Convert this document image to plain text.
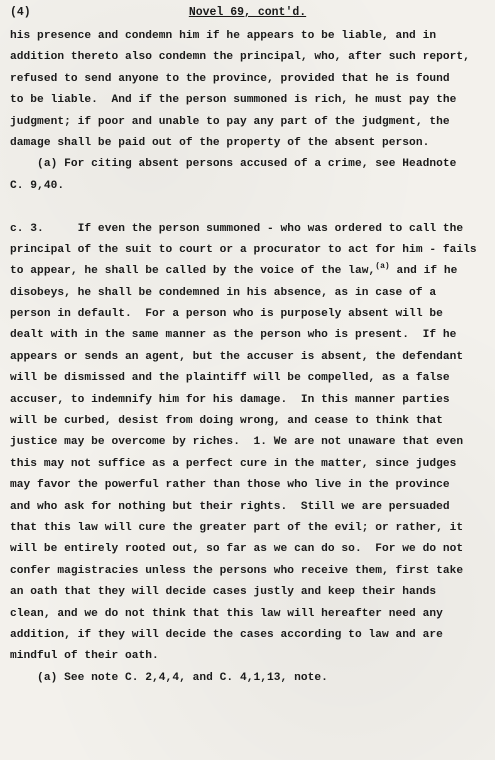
(4)	Novel 69, cont'd.
his presence and condemn him if he appears to be liable, and in
addition thereto also condemn the principal, who, after such report,
refused to send anyone to the province, provided that he is found
to be liable.  And if the person summoned is rich, he must pay the
judgment; if poor and unable to pay any part of the judgment, the
damage shall be paid out of the property of the absent person.
(a) For citing absent persons accused of a crime, see Headnote
C. 9,40.
c. 3.     If even the person summoned - who was ordered to call the
principal of the suit to court or a procurator to act for him - fails
to appear, he shall be called by the voice of the law,$^{(a)}$ and if he
disobeys, he shall be condemned in his absence, as in case of a
person in default.  For a person who is purposely absent will be
dealt with in the same manner as the person who is present.  If he
appears or sends an agent, but the accuser is absent, the defendant
will be dismissed and the plaintiff will be compelled, as a false
accuser, to indemnify him for his damage.  In this manner parties
will be curbed, desist from doing wrong, and cease to think that
justice may be overcome by riches.  1. We are not unaware that even
this may not suffice as a perfect cure in the matter, since judges
may favor the powerful rather than those who live in the province
and who ask for nothing but their rights.  Still we are persuaded
that this law will cure the greater part of the evil; or rather, it
will be entirely rooted out, so far as we can do so.  For we do not
confer magistracies unless the persons who receive them, first take
an oath that they will decide cases justly and keep their hands
clean, and we do not think that this law will hereafter need any
addition, if they will decide the cases according to law and are
mindful of their oath.
(a) See note C. 2,4,4, and C. 4,1,13, note.
